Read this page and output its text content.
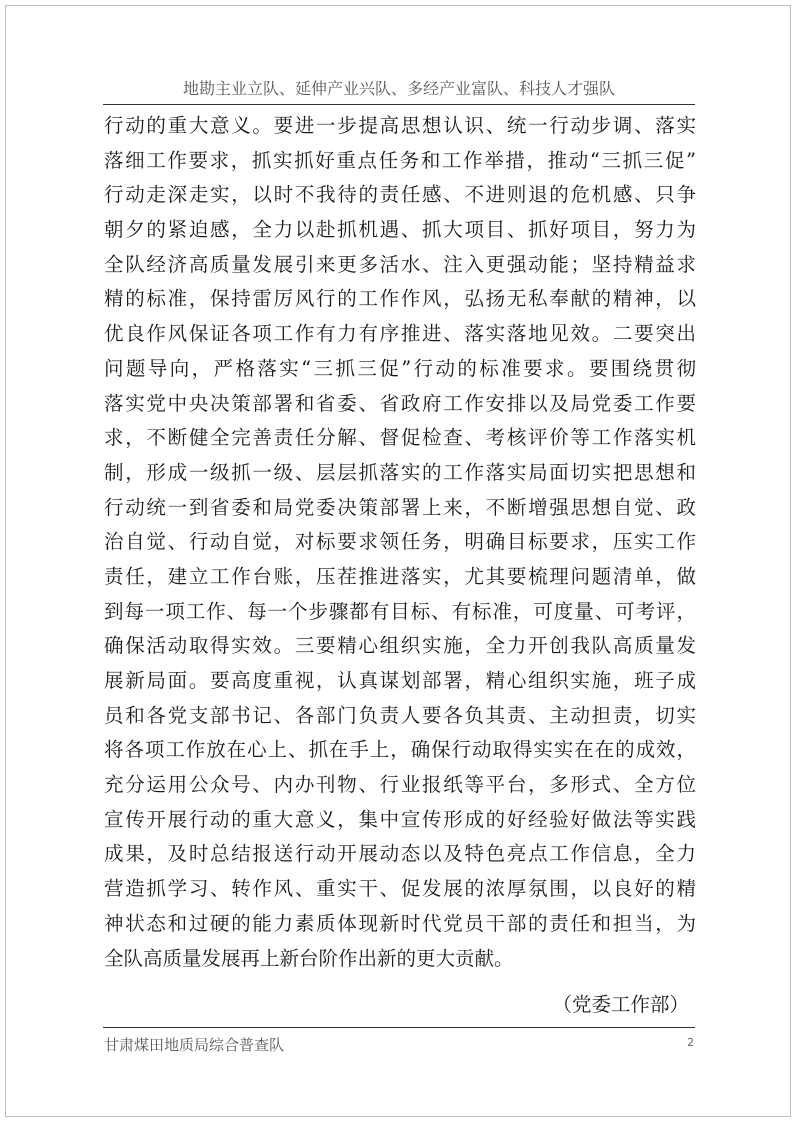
地勘主业立队、延伸产业兴队、多经产业富队、科技人才强队
行动的重大意义。要进一步提高思想认识、统一行动步调、落实
落细工作要求，抓实抓好重点任务和工作举措，推动“三抓三促”
行动走深走实，以时不我待的责任感、不进则退的危机感、只争
朝夕的紧迫感，全力以赴抓机遇、抓大项目、抓好项目，努力为
全队经济高质量发展引来更多活水、注入更强动能；坚持精益求
精的标准，保持雷厉风行的工作作风，弘扬无私奉献的精神，以
优良作风保证各项工作有力有序推进、落实落地见效。二要突出
问题导向，严格落实“三抓三促”行动的标准要求。要围绕贯彻
落实党中央决策部署和省委、省政府工作安排以及局党委工作要
求，不断健全完善责任分解、督促检查、考核评价等工作落实机
制，形成一级抓一级、层层抓落实的工作落实局面切实把思想和
行动统一到省委和局党委决策部署上来，不断增强思想自觉、政
治自觉、行动自觉，对标要求领任务，明确目标要求，压实工作
责任，建立工作台账，压茬推进落实，尤其要梳理问题清单，做
到每一项工作、每一个步骤都有目标、有标准，可度量、可考评，
确保活动取得实效。三要精心组织实施，全力开创我队高质量发
展新局面。要高度重视，认真谋划部署，精心组织实施，班子成
员和各党支部书记、各部门负责人要各负其责、主动担责，切实
将各项工作放在心上、抓在手上，确保行动取得实实在在的成效，
充分运用公众号、内办刊物、行业报纸等平台，多形式、全方位
宣传开展行动的重大意义，集中宣传形成的好经验好做法等实践
成果，及时总结报送行动开展动态以及特色亮点工作信息，全力
营造抓学习、转作风、重实干、促发展的浓厚氛围，以良好的精
神状态和过硬的能力素质体现新时代党员干部的责任和担当，为
全队高质量发展再上新台阶作出新的更大贡献。
（党委工作部）
甘肃煤田地质局综合普查队	2
